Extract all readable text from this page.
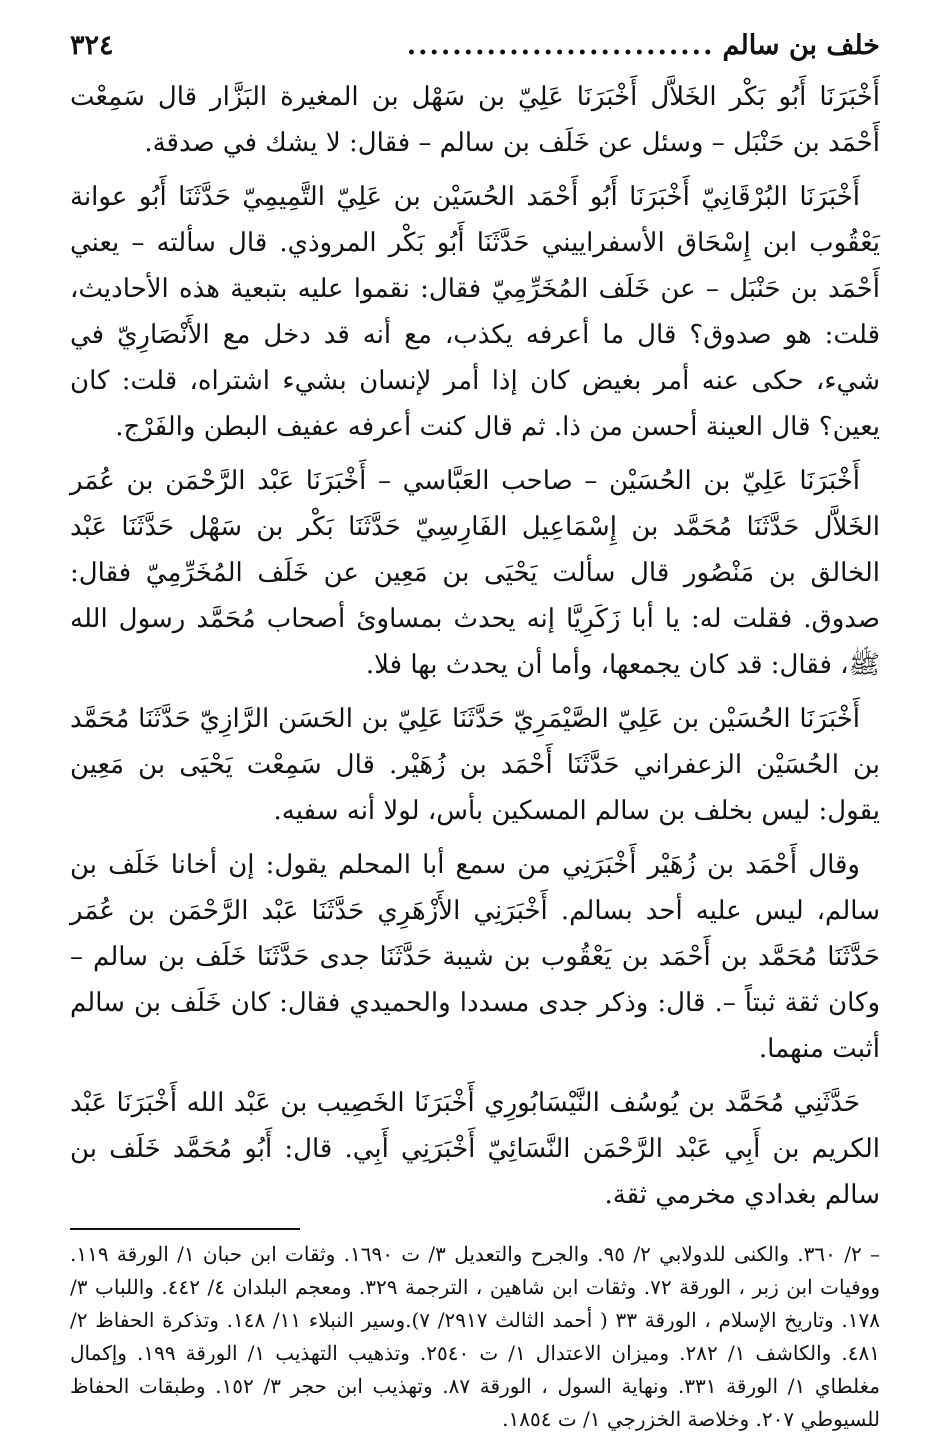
خلف بن سالم
...........................
٣٢٤

أَخْبَرَنَا أَبُو بَكْر الخَلاَّل أَخْبَرَنَا عَلِيّ بن سَهْل بن المغيرة البَزَّار قال سَمِعْت أَحْمَد بن حَنْبَل – وسئل عن خَلَف بن سالم – فقال: لا يشك في صدقة.

أَخْبَرَنَا البُرْقَانِيّ أَخْبَرَنَا أَبُو أَحْمَد الحُسَيْن بن عَلِيّ التَّمِيمِيّ حَدَّثَنَا أَبُو عوانة يَعْقُوب ابن إِسْحَاق الأسفراييني حَدَّثَنَا أَبُو بَكْر المروذي. قال سألته – يعني أَحْمَد بن حَنْبَل – عن خَلَف المُخَرِّمِيّ فقال: نقموا عليه بتبعية هذه الأحاديث، قلت: هو صدوق؟ قال ما أعرفه يكذب، مع أنه قد دخل مع الأَنْصَارِيّ في شيء، حكى عنه أمر بغيض كان إذا أمر لإنسان بشيء اشتراه، قلت: كان يعين؟ قال العينة أحسن من ذا. ثم قال كنت أعرفه عفيف البطن والفَرْج.

أَخْبَرَنَا عَلِيّ بن الحُسَيْن – صاحب العَبَّاسي – أَخْبَرَنَا عَبْد الرَّحْمَن بن عُمَر الخَلاَّل حَدَّثَنَا مُحَمَّد بن إِسْمَاعِيل الفَارِسِيّ حَدَّثَنَا بَكْر بن سَهْل حَدَّثَنَا عَبْد الخالق بن مَنْصُور قال سألت يَحْيَى بن مَعِين عن خَلَف المُخَرِّمِيّ فقال: صدوق. فقلت له: يا أبا زَكَرِيَّا إنه يحدث بمساوئ أصحاب مُحَمَّد رسول الله ﷺ، فقال: قد كان يجمعها، وأما أن يحدث بها فلا.

أَخْبَرَنَا الحُسَيْن بن عَلِيّ الصَّيْمَرِيّ حَدَّثَنَا عَلِيّ بن الحَسَن الرَّازِيّ حَدَّثَنَا مُحَمَّد بن الحُسَيْن الزعفراني حَدَّثَنَا أَحْمَد بن زُهَيْر. قال سَمِعْت يَحْيَى بن مَعِين يقول: ليس بخلف بن سالم المسكين بأس، لولا أنه سفيه.

وقال أَحْمَد بن زُهَيْر أَخْبَرَنِي من سمع أبا المحلم يقول: إن أخانا خَلَف بن سالم، ليس عليه أحد بسالم. أَخْبَرَنِي الأَزْهَرِي حَدَّثَنَا عَبْد الرَّحْمَن بن عُمَر حَدَّثَنَا مُحَمَّد بن أَحْمَد بن يَعْقُوب بن شيبة حَدَّثَنَا جدى حَدَّثَنَا خَلَف بن سالم – وكان ثقة ثبتاً –. قال: وذكر جدى مسددا والحميدي فقال: كان خَلَف بن سالم أثبت منهما.

حَدَّثَنِي مُحَمَّد بن يُوسُف النَّيْسَابُورِي أَخْبَرَنَا الخَصِيب بن عَبْد الله أَخْبَرَنَا عَبْد الكريم بن أَبِي عَبْد الرَّحْمَن النَّسَائِيّ أَخْبَرَنِي أَبِي. قال: أَبُو مُحَمَّد خَلَف بن سالم بغدادي مخرمي ثقة.

– ٢/ ٣٦٠. والكنى للدولابي ٢/ ٩٥. والجرح والتعديل ٣/ ت ١٦٩٠. وثقات ابن حبان ١/ الورقة ١١٩. ووفيات ابن زبر ، الورقة ٧٢. وثقات ابن شاهين ، الترجمة ٣٢٩. ومعجم البلدان ٤/ ٤٤٢. واللباب ٣/ ١٧٨. وتاريخ الإسلام ، الورقة ٣٣ ( أحمد الثالث ٢٩١٧/ ٧).وسير النبلاء ١١/ ١٤٨. وتذكرة الحفاظ ٢/ ٤٨١. والكاشف ١/ ٢٨٢. وميزان الاعتدال ١/ ت ٢٥٤٠. وتذهيب التهذيب ١/ الورقة ١٩٩. وإكمال مغلطاي ١/ الورقة ٣٣١. ونهاية السول ، الورقة ٨٧. وتهذيب ابن حجر ٣/ ١٥٢. وطبقات الحفاظ للسيوطي ٢٠٧. وخلاصة الخزرجي ١/ ت ١٨٥٤.
